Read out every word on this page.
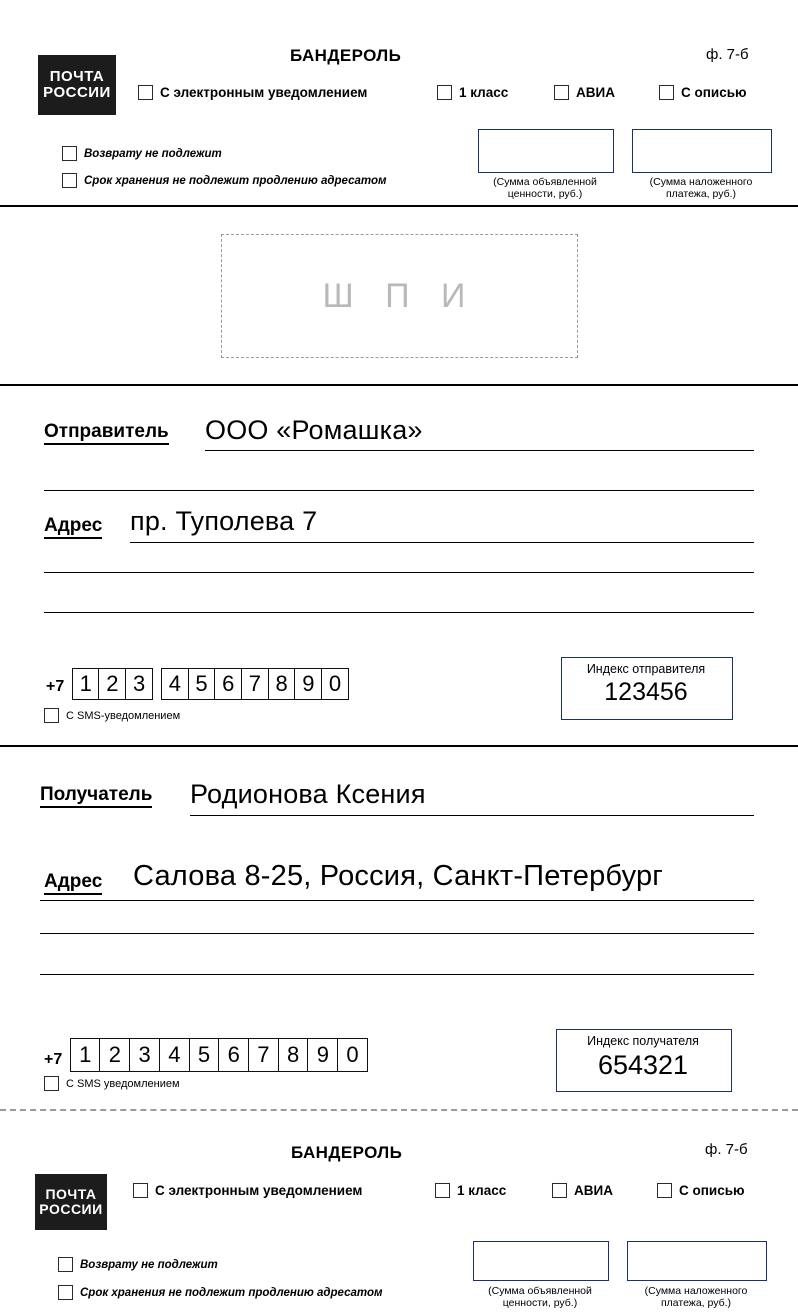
ПОЧТА
РОССИИ
БАНДЕРОЛЬ	ф. 7-б
С электронным уведомлением	1 класс	АВИА	С описью
Возврату не подлежит
Срок хранения не подлежит продлению адресатом	(Сумма объявленной
ценности, руб.)
(Сумма наложенного
платежа, руб.)
Ш П И
Отправитель ООО «Ромашка»
Адрес пр. Туполева 7
+7 1 2 3	4 5 6 7 8 9 0
С SMS-уведомлением
Индекс отправителя
123456
Получатель Родионова Ксения
Адрес Салова 8-25, Россия, Санкт-Петербург
+7 1 2 3 4 5 6 7 8 9 0
С SMS уведомлением
Индекс получателя
654321
ПОЧТА
РОССИИ
БАНДЕРОЛЬ	ф. 7-б
С электронным уведомлением	1 класс	АВИА	С описью
Возврату не подлежит
Срок хранения не подлежит продлению адресатом	(Сумма объявленной
ценности, руб.)
(Сумма наложенного
платежа, руб.)
